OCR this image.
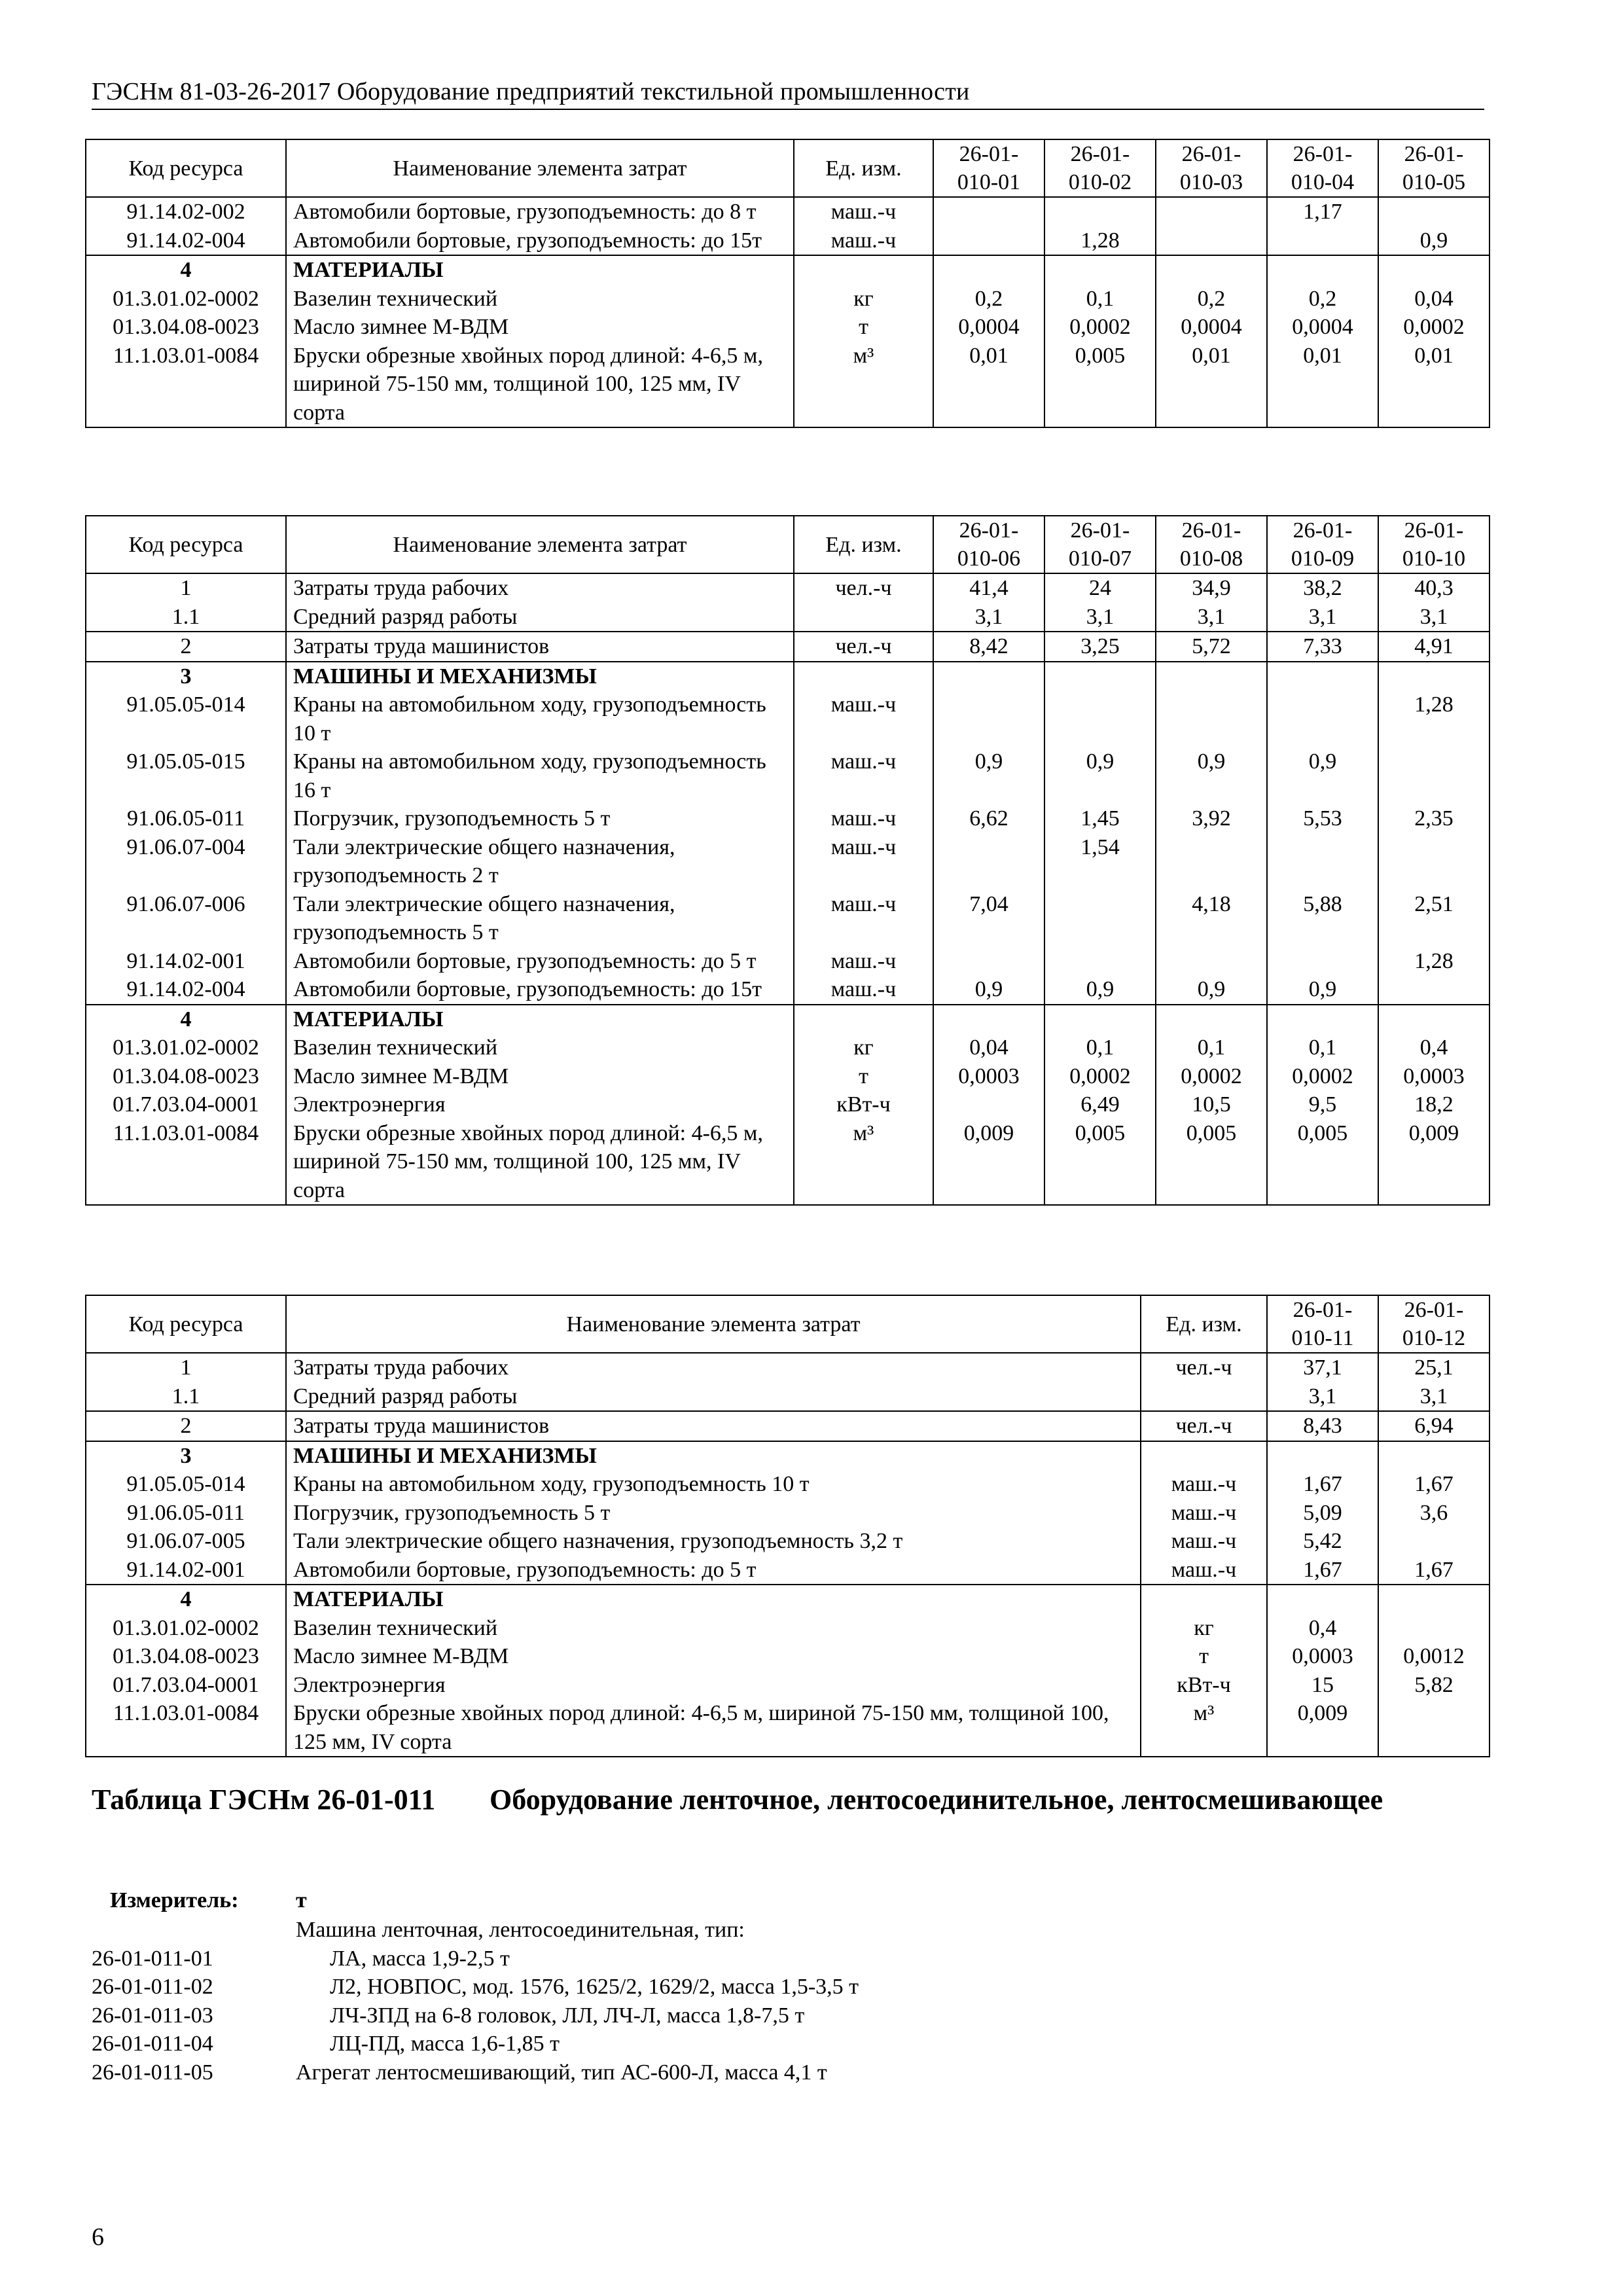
ГЭСНм 81-03-26-2017 Оборудование предприятий текстильной промышленности
Код ресурса	Наименование элемента затрат	Ед. изм.	26-01-010-01	26-01-010-02	26-01-010-03	26-01-010-04	26-01-010-05
91.14.02-002	Автомобили бортовые, грузоподъемность: до 8 т	маш.-ч				1,17	
91.14.02-004	Автомобили бортовые, грузоподъемность: до 15т	маш.-ч		1,28			0,9
4	МАТЕРИАЛЫ						
01.3.01.02-0002	Вазелин технический	кг	0,2	0,1	0,2	0,2	0,04
01.3.04.08-0023	Масло зимнее М-ВДМ	т	0,0004	0,0002	0,0004	0,0004	0,0002
11.1.03.01-0084	Бруски обрезные хвойных пород длиной: 4-6,5 м, шириной 75-150 мм, толщиной 100, 125 мм, IV сорта	м³	0,01	0,005	0,01	0,01	0,01
Код ресурса	Наименование элемента затрат	Ед. изм.	26-01-010-06	26-01-010-07	26-01-010-08	26-01-010-09	26-01-010-10
1	Затраты труда рабочих	чел.-ч	41,4	24	34,9	38,2	40,3
1.1	Средний разряд работы		3,1	3,1	3,1	3,1	3,1
2	Затраты труда машинистов	чел.-ч	8,42	3,25	5,72	7,33	4,91
3	МАШИНЫ И МЕХАНИЗМЫ						
91.05.05-014	Краны на автомобильном ходу, грузоподъемность 10 т	маш.-ч					1,28
91.05.05-015	Краны на автомобильном ходу, грузоподъемность 16 т	маш.-ч	0,9	0,9	0,9	0,9	
91.06.05-011	Погрузчик, грузоподъемность 5 т	маш.-ч	6,62	1,45	3,92	5,53	2,35
91.06.07-004	Тали электрические общего назначения, грузоподъемность 2 т	маш.-ч		1,54			
91.06.07-006	Тали электрические общего назначения, грузоподъемность 5 т	маш.-ч	7,04		4,18	5,88	2,51
91.14.02-001	Автомобили бортовые, грузоподъемность: до 5 т	маш.-ч					1,28
91.14.02-004	Автомобили бортовые, грузоподъемность: до 15т	маш.-ч	0,9	0,9	0,9	0,9	
4	МАТЕРИАЛЫ						
01.3.01.02-0002	Вазелин технический	кг	0,04	0,1	0,1	0,1	0,4
01.3.04.08-0023	Масло зимнее М-ВДМ	т	0,0003	0,0002	0,0002	0,0002	0,0003
01.7.03.04-0001	Электроэнергия	кВт-ч		6,49	10,5	9,5	18,2
11.1.03.01-0084	Бруски обрезные хвойных пород длиной: 4-6,5 м, шириной 75-150 мм, толщиной 100, 125 мм, IV сорта	м³	0,009	0,005	0,005	0,005	0,009
Код ресурса	Наименование элемента затрат	Ед. изм.	26-01-010-11	26-01-010-12
1	Затраты труда рабочих	чел.-ч	37,1	25,1
1.1	Средний разряд работы		3,1	3,1
2	Затраты труда машинистов	чел.-ч	8,43	6,94
3	МАШИНЫ И МЕХАНИЗМЫ			
91.05.05-014	Краны на автомобильном ходу, грузоподъемность 10 т	маш.-ч	1,67	1,67
91.06.05-011	Погрузчик, грузоподъемность 5 т	маш.-ч	5,09	3,6
91.06.07-005	Тали электрические общего назначения, грузоподъемность 3,2 т	маш.-ч	5,42	
91.14.02-001	Автомобили бортовые, грузоподъемность: до 5 т	маш.-ч	1,67	1,67
4	МАТЕРИАЛЫ			
01.3.01.02-0002	Вазелин технический	кг	0,4	
01.3.04.08-0023	Масло зимнее М-ВДМ	т	0,0003	0,0012
01.7.03.04-0001	Электроэнергия	кВт-ч	15	5,82
11.1.03.01-0084	Бруски обрезные хвойных пород длиной: 4-6,5 м, шириной 75-150 мм, толщиной 100, 125 мм, IV сорта	м³	0,009	
Таблица ГЭСНм 26-01-011	Оборудование ленточное, лентосоединительное, лентосмешивающее
Измеритель:	т
Машина ленточная, лентосоединительная, тип:
26-01-011-01	ЛА, масса 1,9-2,5 т
26-01-011-02	Л2, НОВПОС, мод. 1576, 1625/2, 1629/2, масса 1,5-3,5 т
26-01-011-03	ЛЧ-ЗПД на 6-8 головок, ЛЛ, ЛЧ-Л, масса 1,8-7,5 т
26-01-011-04	ЛЦ-ПД, масса 1,6-1,85 т
26-01-011-05	Агрегат лентосмешивающий, тип АС-600-Л, масса 4,1 т
6
